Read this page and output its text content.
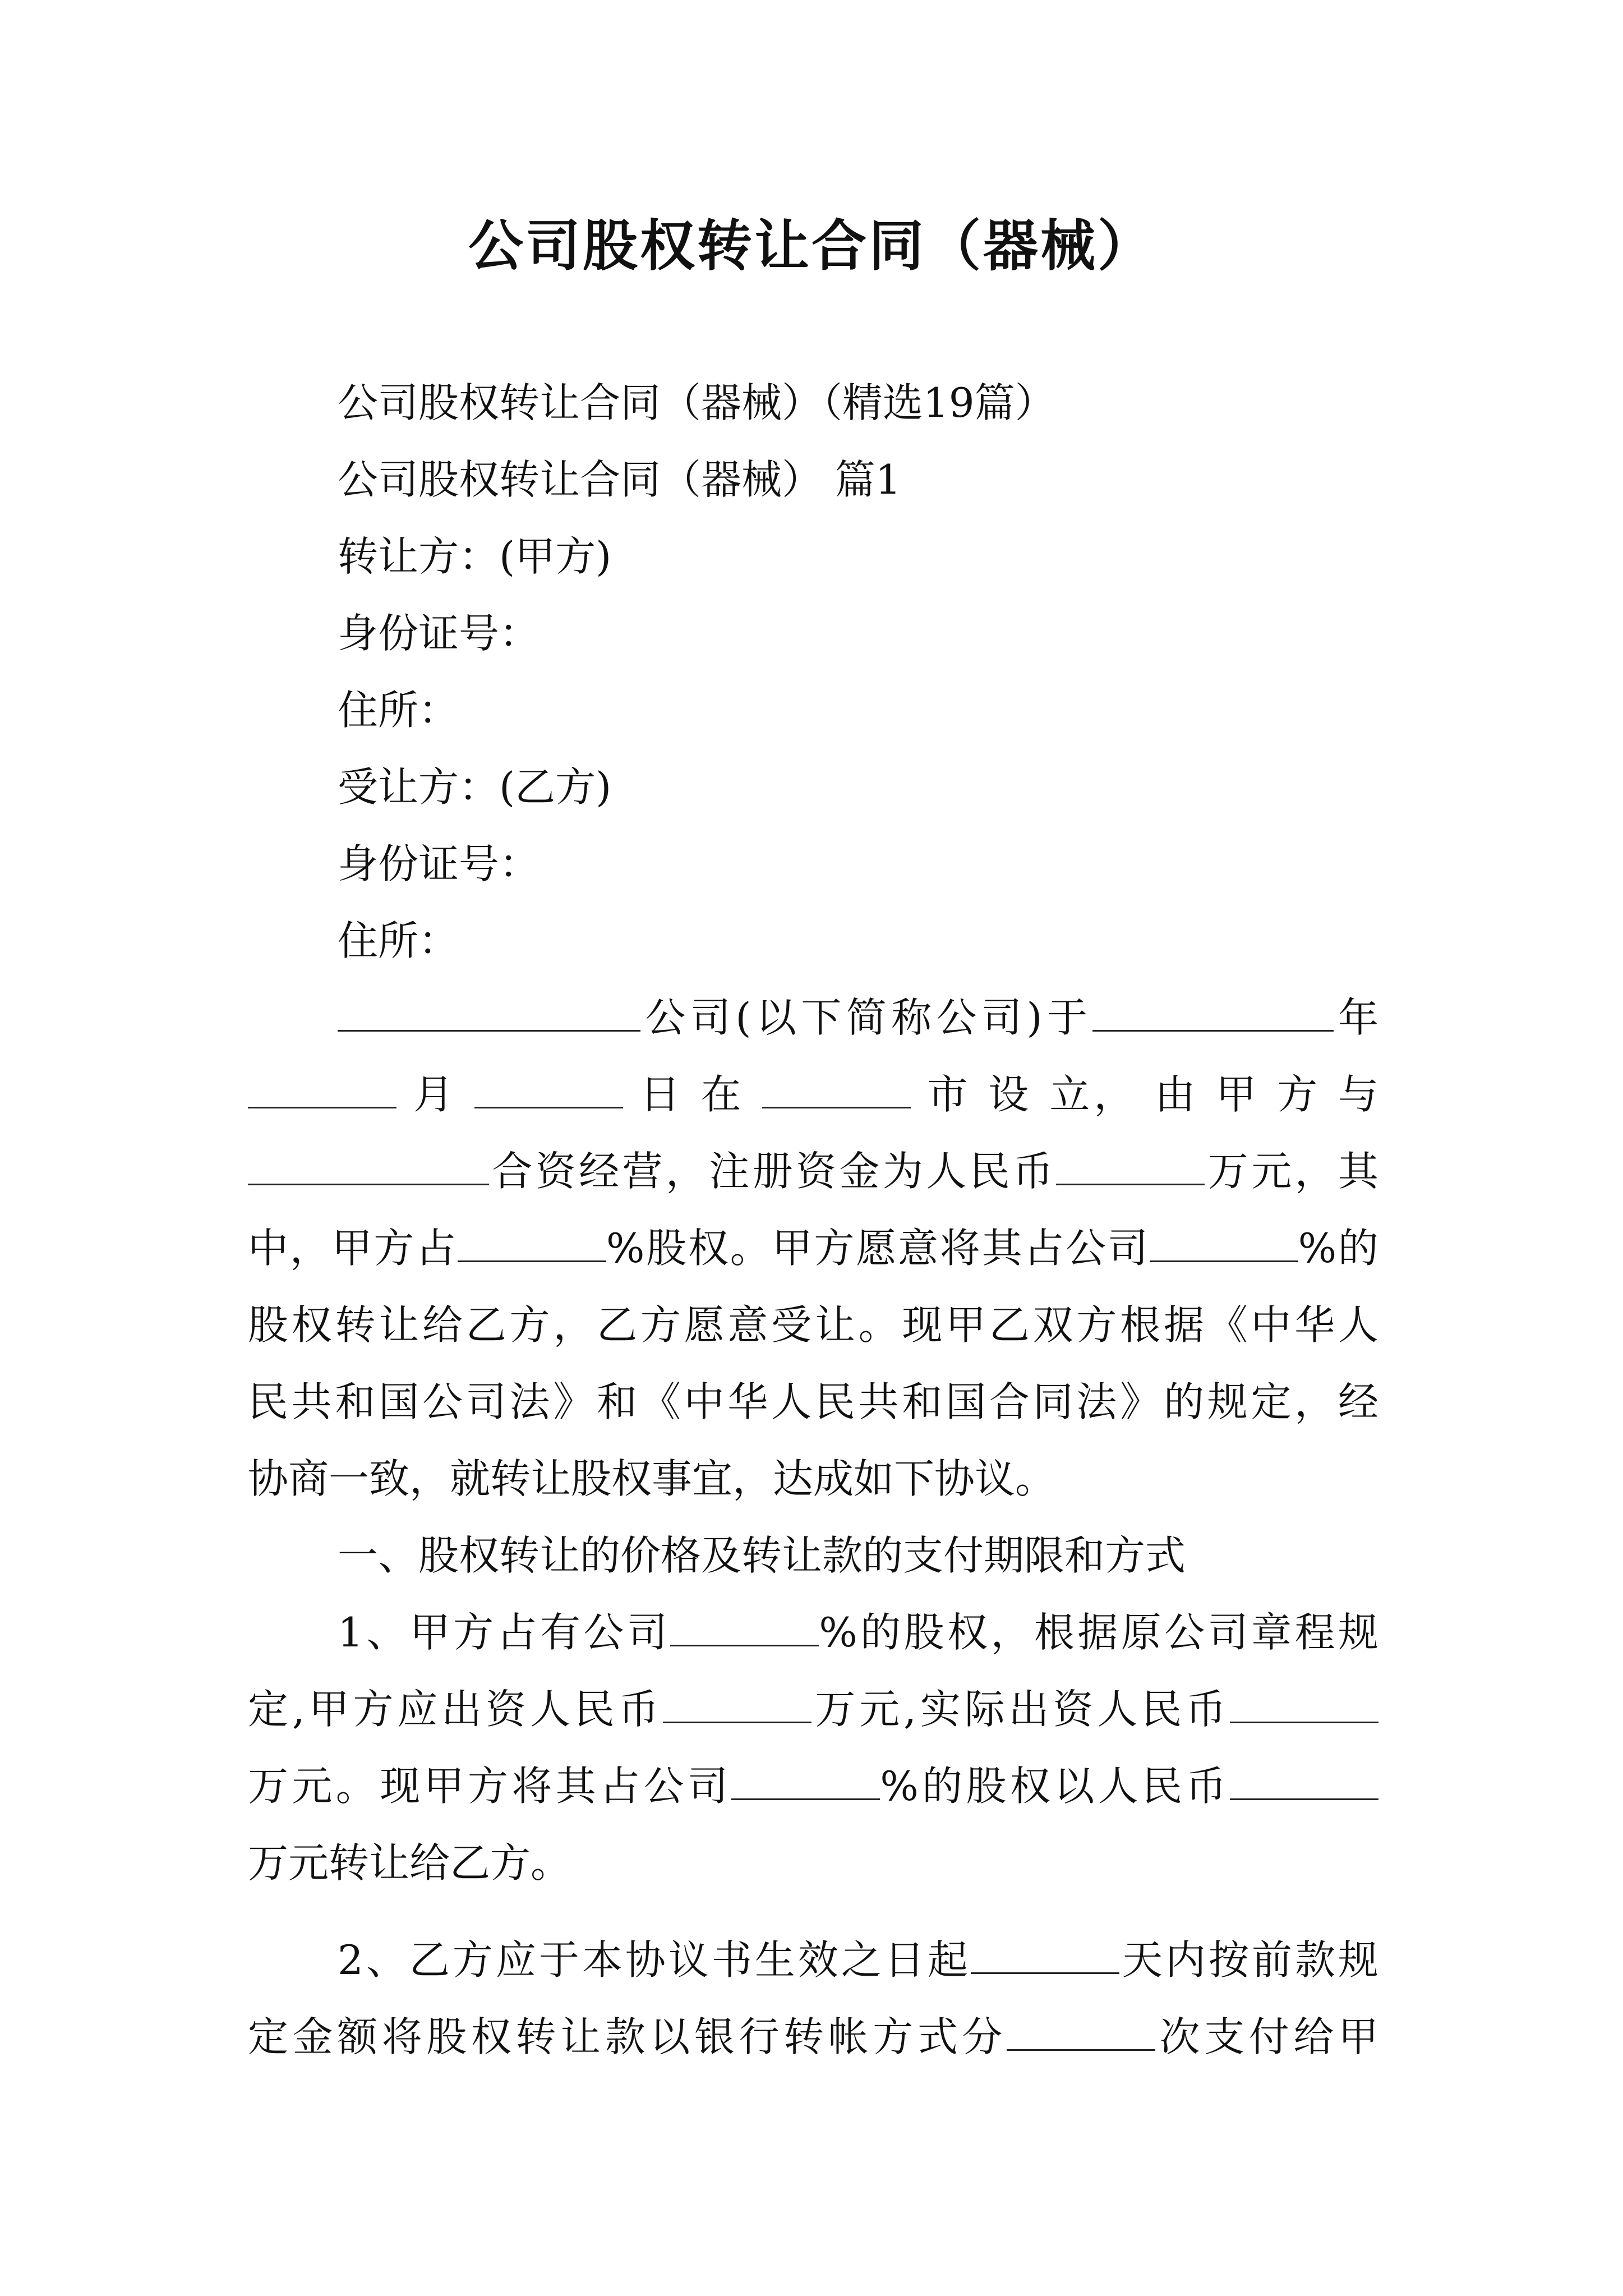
公司股权转让合同（器械）
公司股权转让合同（器械）（精选19篇）
公司股权转让合同（器械） 篇1
转让方：(甲方)
身份证号：
住所：
受让方：(乙方)
身份证号：
住所：
公司(以下简称公司)于	年
月	日 在	市 设 立， 由 甲 方 与
合资经营，注册资金为人民币	万元，其
中，甲方占	%股权。甲方愿意将其占公司	%的
股权转让给乙方，乙方愿意受让。现甲乙双方根据《中华人
民共和国公司法》和《中华人民共和国合同法》的规定，经
协商一致，就转让股权事宜，达成如下协议。
一、股权转让的价格及转让款的支付期限和方式
1、甲方占有公司	%的股权，根据原公司章程规
定,甲方应出资人民币	万元,实际出资人民币
万元。现甲方将其占公司	%的股权以人民币
万元转让给乙方。
2、乙方应于本协议书生效之日起	天内按前款规
定金额将股权转让款以银行转帐方式分	次支付给甲
